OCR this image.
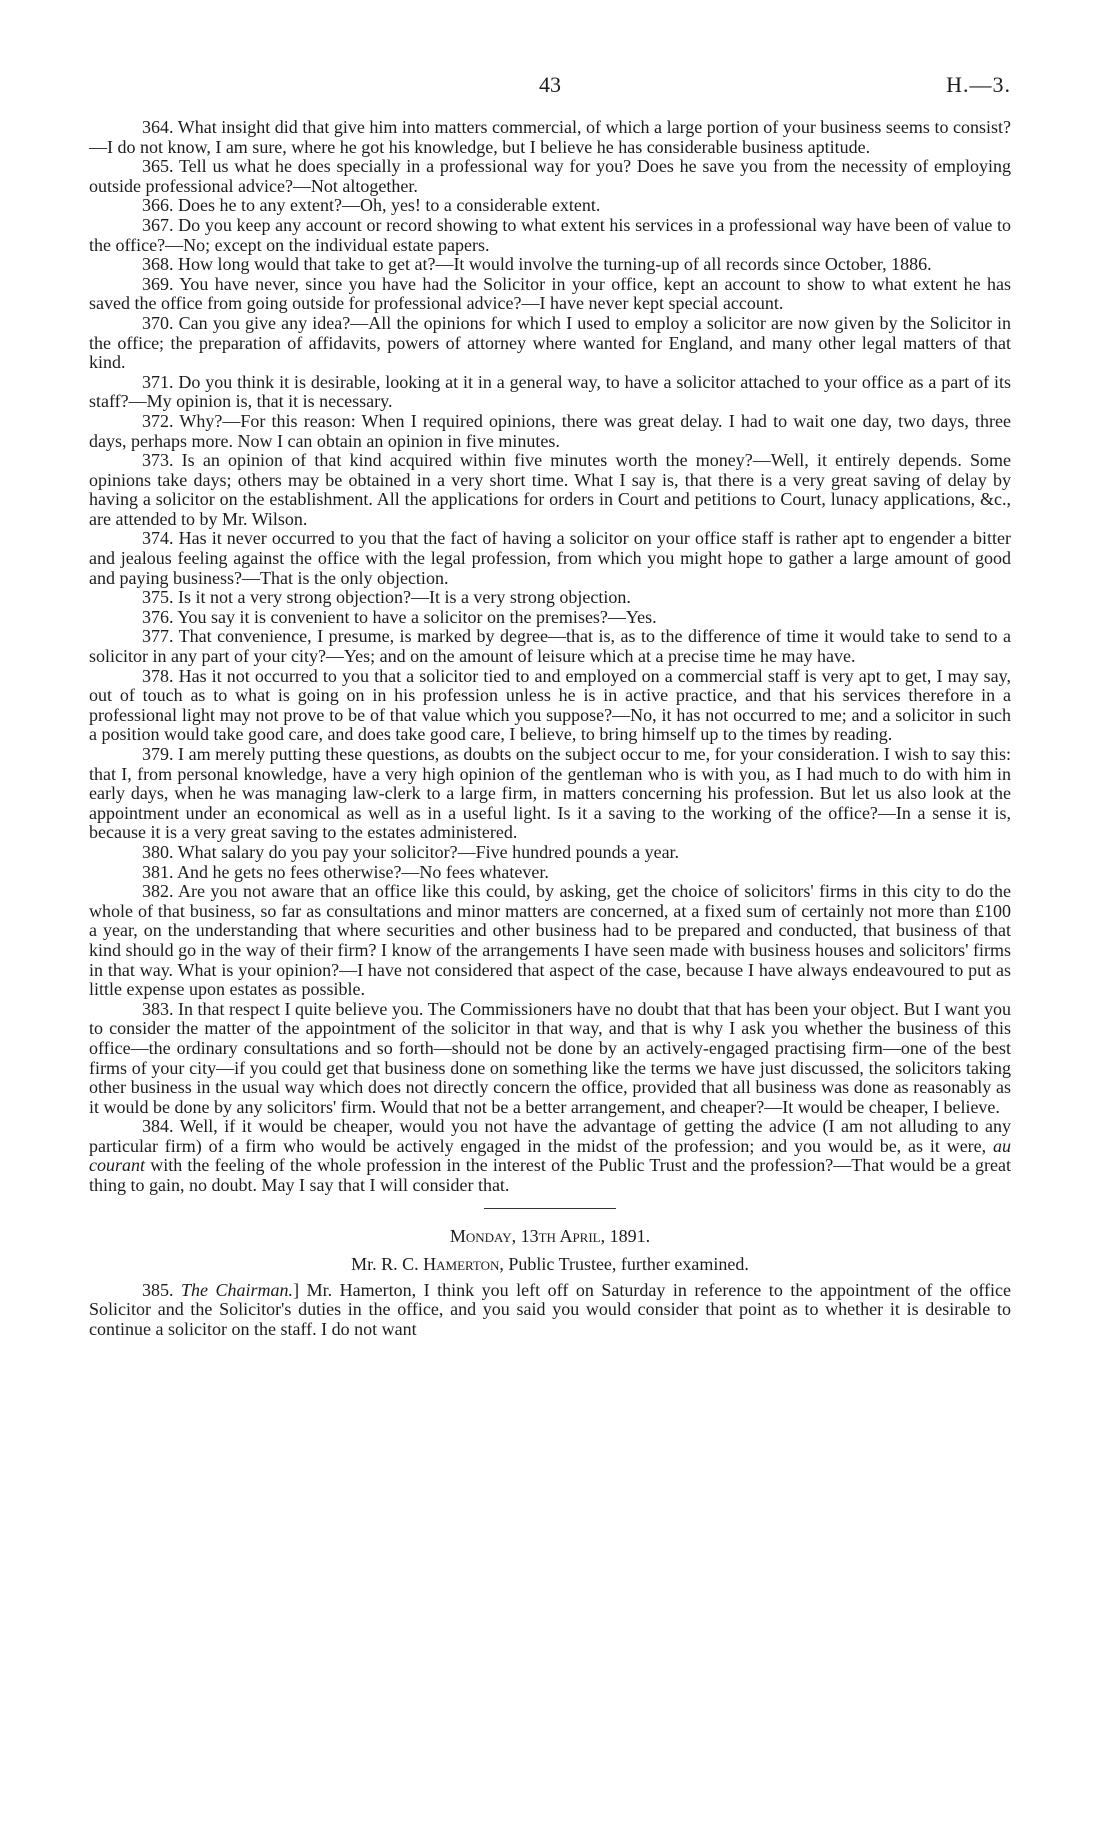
43	H.—3.

364. What insight did that give him into matters commercial, of which a large portion of your business seems to consist?—I do not know, I am sure, where he got his knowledge, but I believe he has considerable business aptitude.

365. Tell us what he does specially in a professional way for you? Does he save you from the necessity of employing outside professional advice?—Not altogether.

366. Does he to any extent?—Oh, yes! to a considerable extent.

367. Do you keep any account or record showing to what extent his services in a professional way have been of value to the office?—No; except on the individual estate papers.

368. How long would that take to get at?—It would involve the turning-up of all records since October, 1886.

369. You have never, since you have had the Solicitor in your office, kept an account to show to what extent he has saved the office from going outside for professional advice?—I have never kept special account.

370. Can you give any idea?—All the opinions for which I used to employ a solicitor are now given by the Solicitor in the office; the preparation of affidavits, powers of attorney where wanted for England, and many other legal matters of that kind.

371. Do you think it is desirable, looking at it in a general way, to have a solicitor attached to your office as a part of its staff?—My opinion is, that it is necessary.

372. Why?—For this reason: When I required opinions, there was great delay. I had to wait one day, two days, three days, perhaps more. Now I can obtain an opinion in five minutes.

373. Is an opinion of that kind acquired within five minutes worth the money?—Well, it entirely depends. Some opinions take days; others may be obtained in a very short time. What I say is, that there is a very great saving of delay by having a solicitor on the establishment. All the applications for orders in Court and petitions to Court, lunacy applications, &c., are attended to by Mr. Wilson.

374. Has it never occurred to you that the fact of having a solicitor on your office staff is rather apt to engender a bitter and jealous feeling against the office with the legal profession, from which you might hope to gather a large amount of good and paying business?—That is the only objection.

375. Is it not a very strong objection?—It is a very strong objection.

376. You say it is convenient to have a solicitor on the premises?—Yes.

377. That convenience, I presume, is marked by degree—that is, as to the difference of time it would take to send to a solicitor in any part of your city?—Yes; and on the amount of leisure which at a precise time he may have.

378. Has it not occurred to you that a solicitor tied to and employed on a commercial staff is very apt to get, I may say, out of touch as to what is going on in his profession unless he is in active practice, and that his services therefore in a professional light may not prove to be of that value which you suppose?—No, it has not occurred to me; and a solicitor in such a position would take good care, and does take good care, I believe, to bring himself up to the times by reading.

379. I am merely putting these questions, as doubts on the subject occur to me, for your consideration. I wish to say this: that I, from personal knowledge, have a very high opinion of the gentleman who is with you, as I had much to do with him in early days, when he was managing law-clerk to a large firm, in matters concerning his profession. But let us also look at the appointment under an economical as well as in a useful light. Is it a saving to the working of the office?—In a sense it is, because it is a very great saving to the estates administered.

380. What salary do you pay your solicitor?—Five hundred pounds a year.

381. And he gets no fees otherwise?—No fees whatever.

382. Are you not aware that an office like this could, by asking, get the choice of solicitors' firms in this city to do the whole of that business, so far as consultations and minor matters are concerned, at a fixed sum of certainly not more than £100 a year, on the understanding that where securities and other business had to be prepared and conducted, that business of that kind should go in the way of their firm? I know of the arrangements I have seen made with business houses and solicitors' firms in that way. What is your opinion?—I have not considered that aspect of the case, because I have always endeavoured to put as little expense upon estates as possible.

383. In that respect I quite believe you. The Commissioners have no doubt that that has been your object. But I want you to consider the matter of the appointment of the solicitor in that way, and that is why I ask you whether the business of this office—the ordinary consultations and so forth—should not be done by an actively-engaged practising firm—one of the best firms of your city—if you could get that business done on something like the terms we have just discussed, the solicitors taking other business in the usual way which does not directly concern the office, provided that all business was done as reasonably as it would be done by any solicitors' firm. Would that not be a better arrangement, and cheaper?—It would be cheaper, I believe.

384. Well, if it would be cheaper, would you not have the advantage of getting the advice (I am not alluding to any particular firm) of a firm who would be actively engaged in the midst of the profession; and you would be, as it were, au courant with the feeling of the whole profession in the interest of the Public Trust and the profession?—That would be a great thing to gain, no doubt. May I say that I will consider that.

Monday, 13th April, 1891.

Mr. R. C. Hamerton, Public Trustee, further examined.

385. The Chairman.] Mr. Hamerton, I think you left off on Saturday in reference to the appointment of the office Solicitor and the Solicitor's duties in the office, and you said you would consider that point as to whether it is desirable to continue a solicitor on the staff. I do not want
